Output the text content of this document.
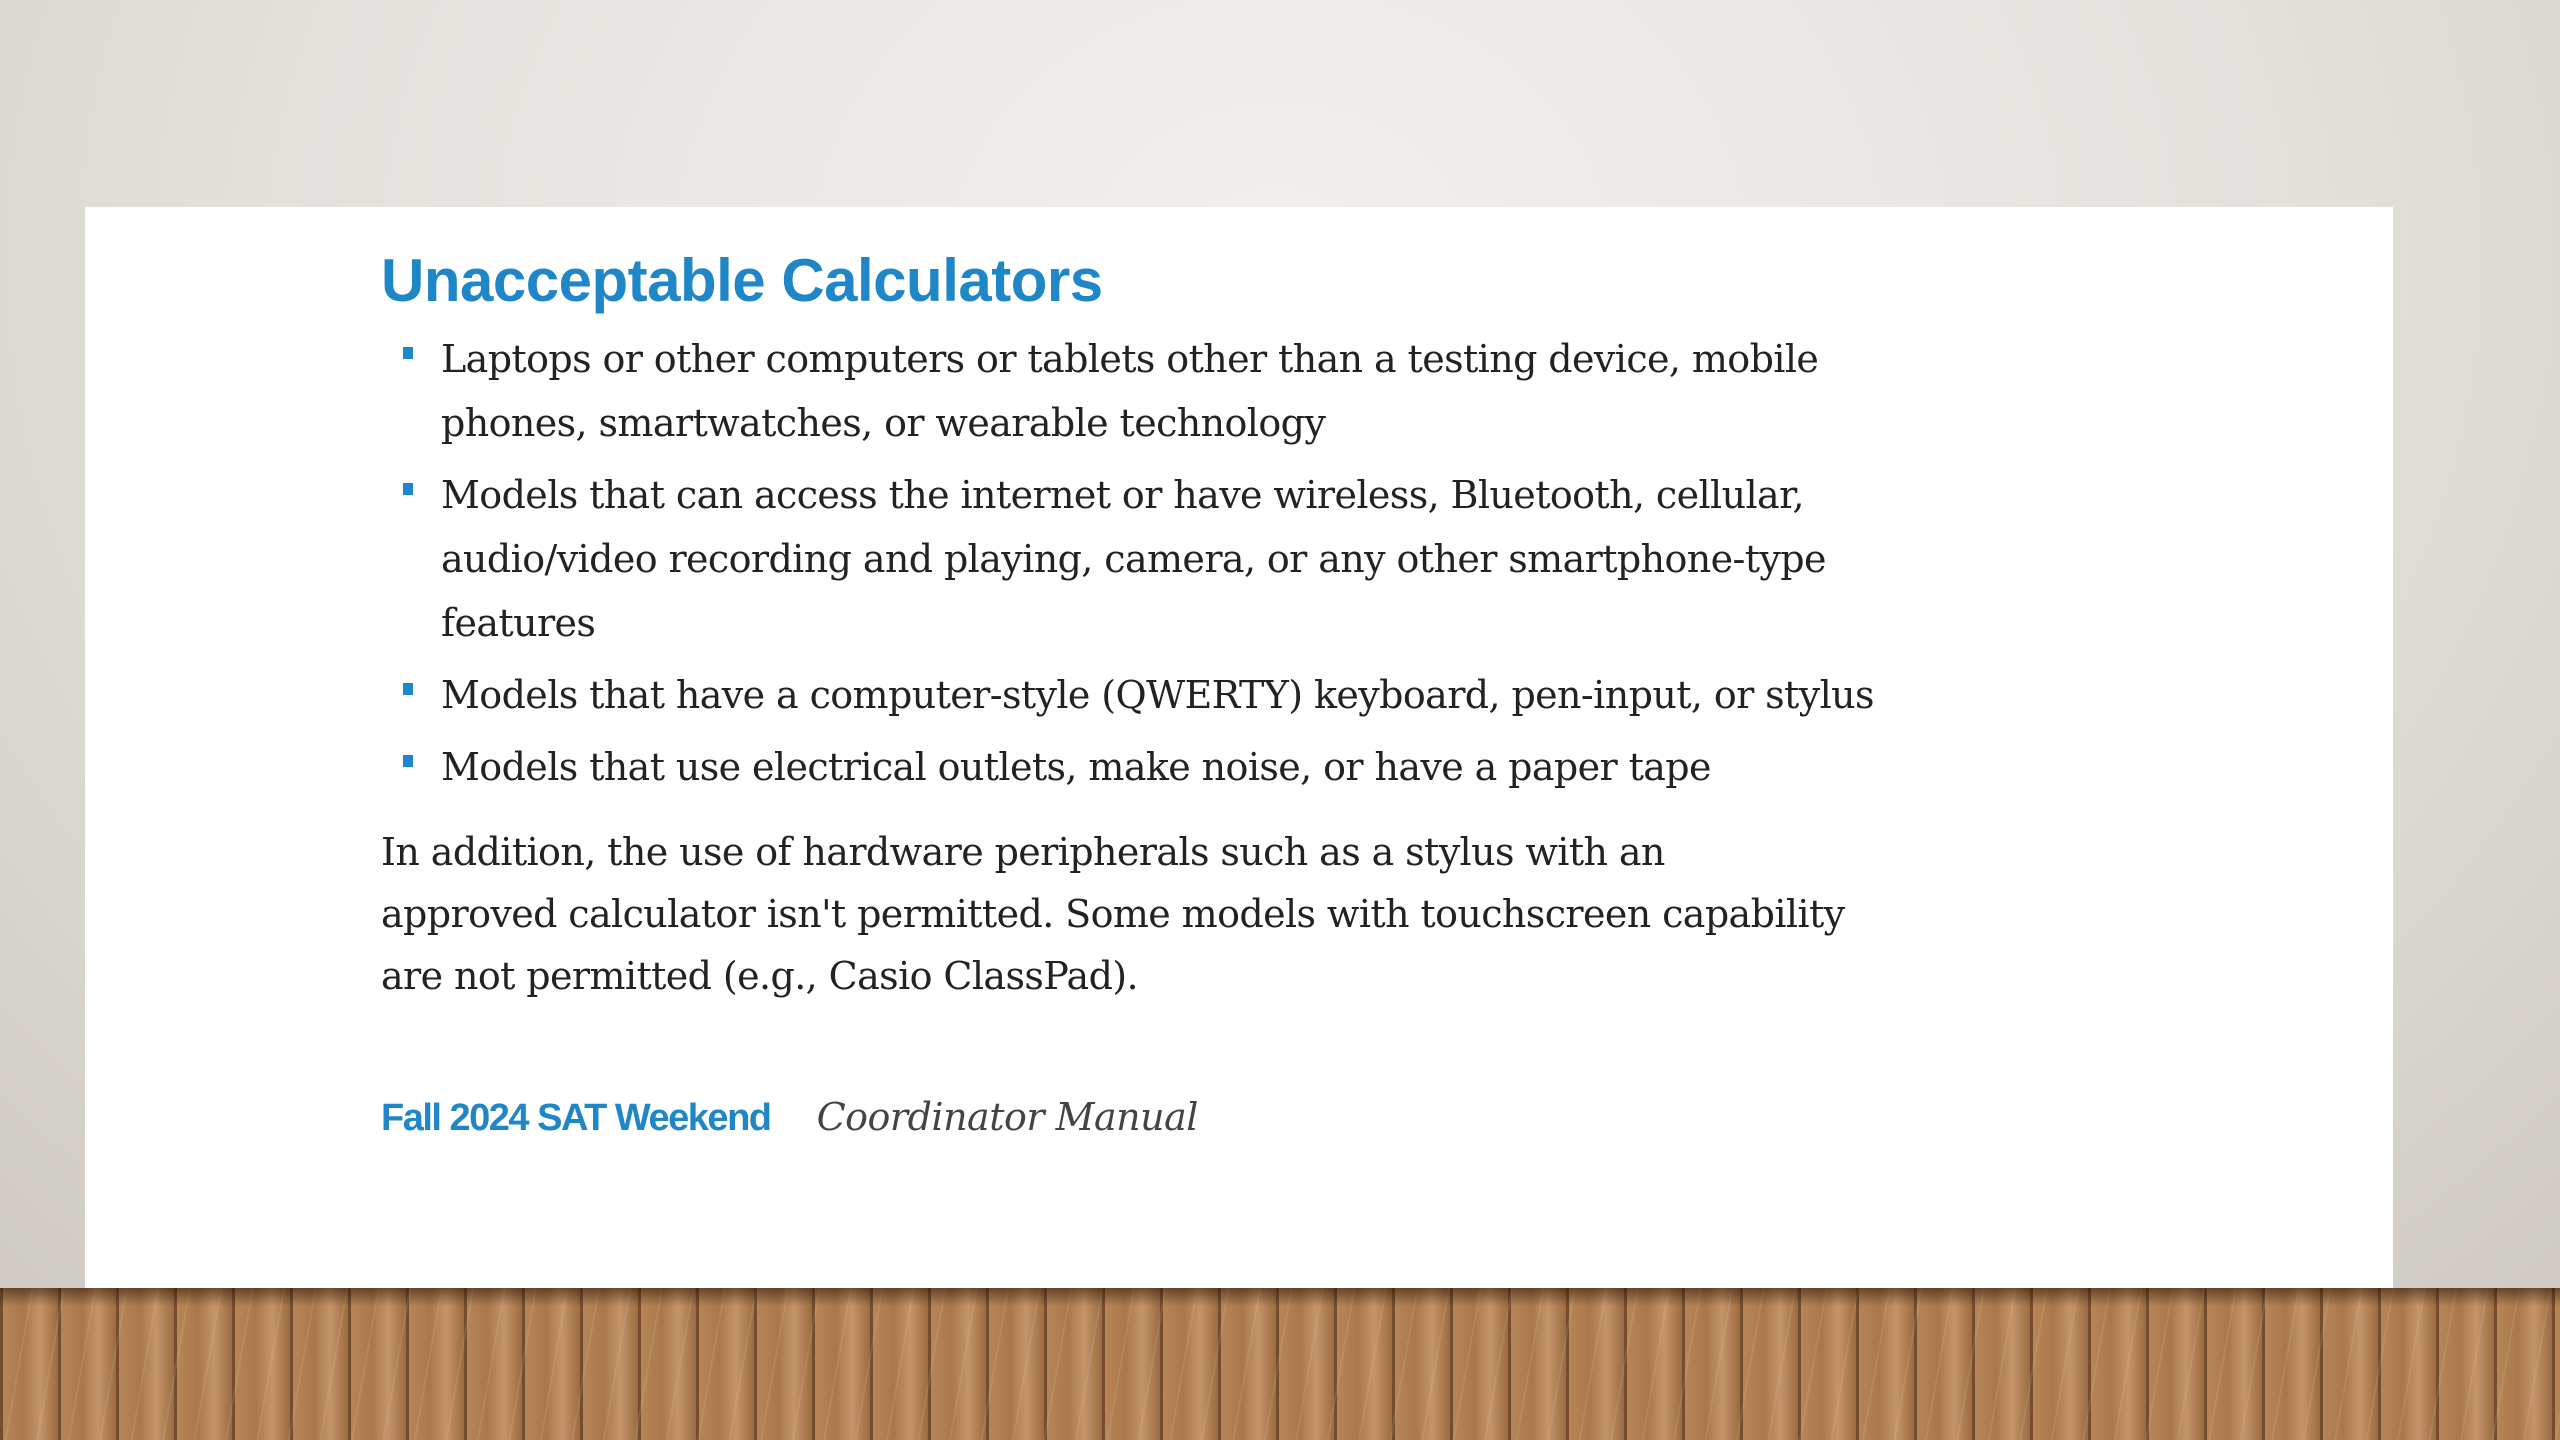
Unacceptable Calculators
Laptops or other computers or tablets other than a testing device, mobile phones, smartwatches, or wearable technology
Models that can access the internet or have wireless, Bluetooth, cellular, audio/video recording and playing, camera, or any other smartphone-type features
Models that have a computer-style (QWERTY) keyboard, pen-input, or stylus
Models that use electrical outlets, make noise, or have a paper tape

In addition, the use of hardware peripherals such as a stylus with an approved calculator isn't permitted. Some models with touchscreen capability are not permitted (e.g., Casio ClassPad).

Fall 2024 SAT Weekend Coordinator Manual
